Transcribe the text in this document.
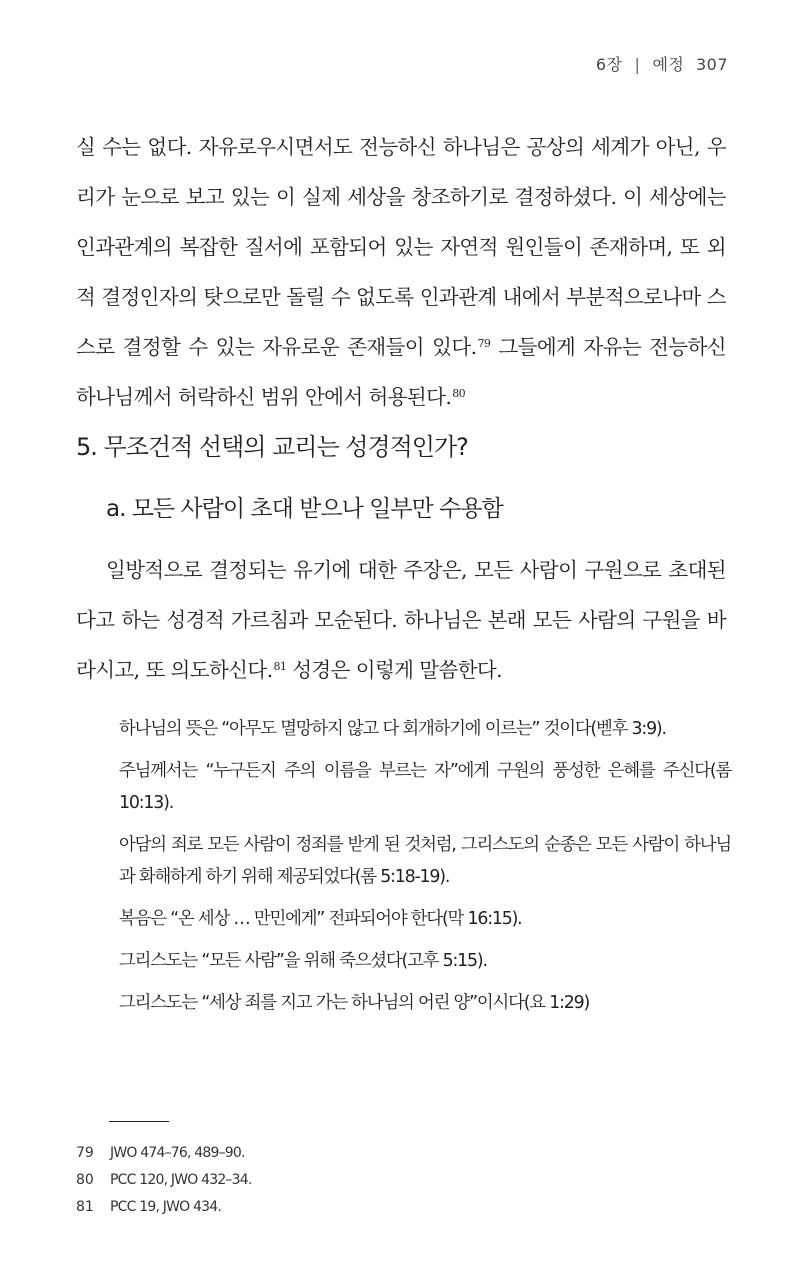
6장 | 예정 307
실 수는 없다. 자유로우시면서도 전능하신 하나님은 공상의 세계가 아닌, 우리가 눈으로 보고 있는 이 실제 세상을 창조하기로 결정하셨다. 이 세상에는 인과관계의 복잡한 질서에 포함되어 있는 자연적 원인들이 존재하며, 또 외적 결정인자의 탓으로만 돌릴 수 없도록 인과관계 내에서 부분적으로나마 스스로 결정할 수 있는 자유로운 존재들이 있다.$^{79}$ 그들에게 자유는 전능하신 하나님께서 허락하신 범위 안에서 허용된다.$^{80}$
5. 무조건적 선택의 교리는 성경적인가?
a. 모든 사람이 초대 받으나 일부만 수용함
일방적으로 결정되는 유기에 대한 주장은, 모든 사람이 구원으로 초대된다고 하는 성경적 가르침과 모순된다. 하나님은 본래 모든 사람의 구원을 바라시고, 또 의도하신다.$^{81}$ 성경은 이렇게 말씀한다.

하나님의 뜻은 “아무도 멸망하지 않고 다 회개하기에 이르는” 것이다(벧후 3:9).

주님께서는 “누구든지 주의 이름을 부르는 자”에게 구원의 풍성한 은혜를 주신다(롬 10:13).

아담의 죄로 모든 사람이 정죄를 받게 된 것처럼, 그리스도의 순종은 모든 사람이 하나님과 화해하게 하기 위해 제공되었다(롬 5:18-19).

복음은 “온 세상 … 만민에게” 전파되어야 한다(막 16:15).

그리스도는 “모든 사람”을 위해 죽으셨다(고후 5:15).

그리스도는 “세상 죄를 지고 가는 하나님의 어린 양”이시다(요 1:29)

79	JWO 474–76, 489–90.
80	PCC 120, JWO 432–34.
81	PCC 19, JWO 434.
